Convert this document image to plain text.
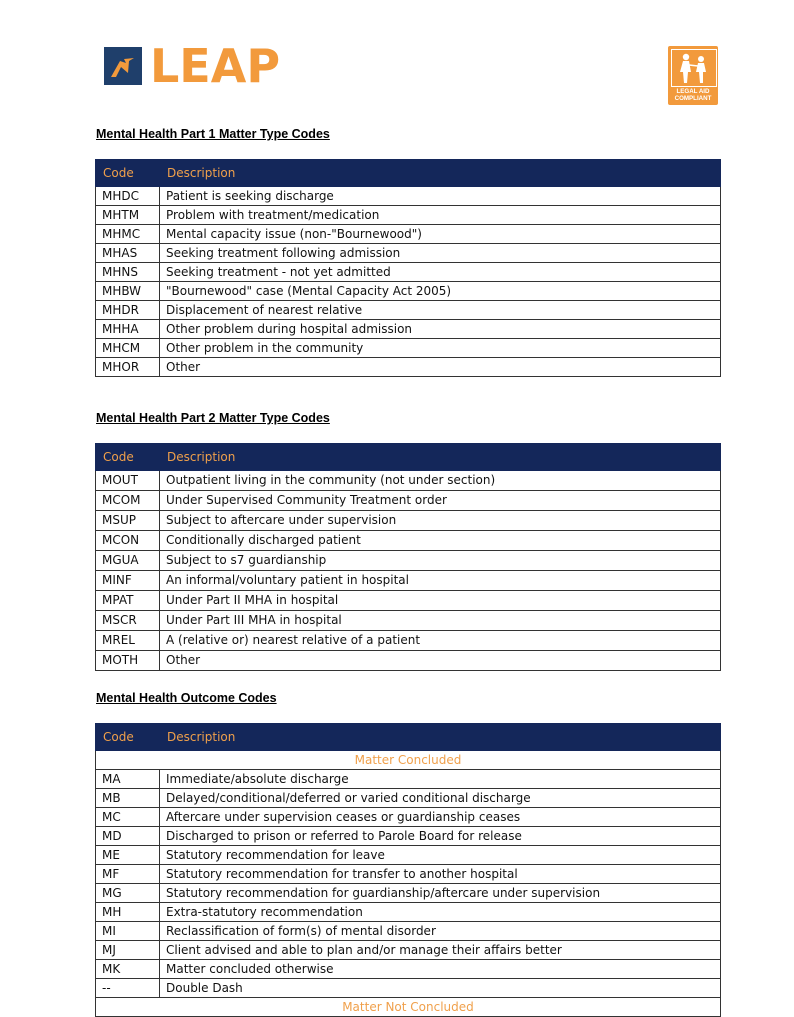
LEAP	LEGAL AID
COMPLIANT
Mental Health Part 1 Matter Type Codes
Code	Description
MHDC	Patient is seeking discharge
MHTM	Problem with treatment/medication
MHMC	Mental capacity issue (non-"Bournewood")
MHAS	Seeking treatment following admission
MHNS	Seeking treatment - not yet admitted
MHBW	"Bournewood" case (Mental Capacity Act 2005)
MHDR	Displacement of nearest relative
MHHA	Other problem during hospital admission
MHCM	Other problem in the community
MHOR	Other
Mental Health Part 2 Matter Type Codes
Code	Description
MOUT	Outpatient living in the community (not under section)
MCOM	Under Supervised Community Treatment order
MSUP	Subject to aftercare under supervision
MCON	Conditionally discharged patient
MGUA	Subject to s7 guardianship
MINF	An informal/voluntary patient in hospital
MPAT	Under Part II MHA in hospital
MSCR	Under Part III MHA in hospital
MREL	A (relative or) nearest relative of a patient
MOTH	Other
Mental Health Outcome Codes
Code	Description
Matter Concluded	
MA	Immediate/absolute discharge
MB	Delayed/conditional/deferred or varied conditional discharge
MC	Aftercare under supervision ceases or guardianship ceases
MD	Discharged to prison or referred to Parole Board for release
ME	Statutory recommendation for leave
MF	Statutory recommendation for transfer to another hospital
MG	Statutory recommendation for guardianship/aftercare under supervision
MH	Extra-statutory recommendation
MI	Reclassification of form(s) of mental disorder
MJ	Client advised and able to plan and/or manage their affairs better
MK	Matter concluded otherwise
--	Double Dash
Matter Not Concluded	
